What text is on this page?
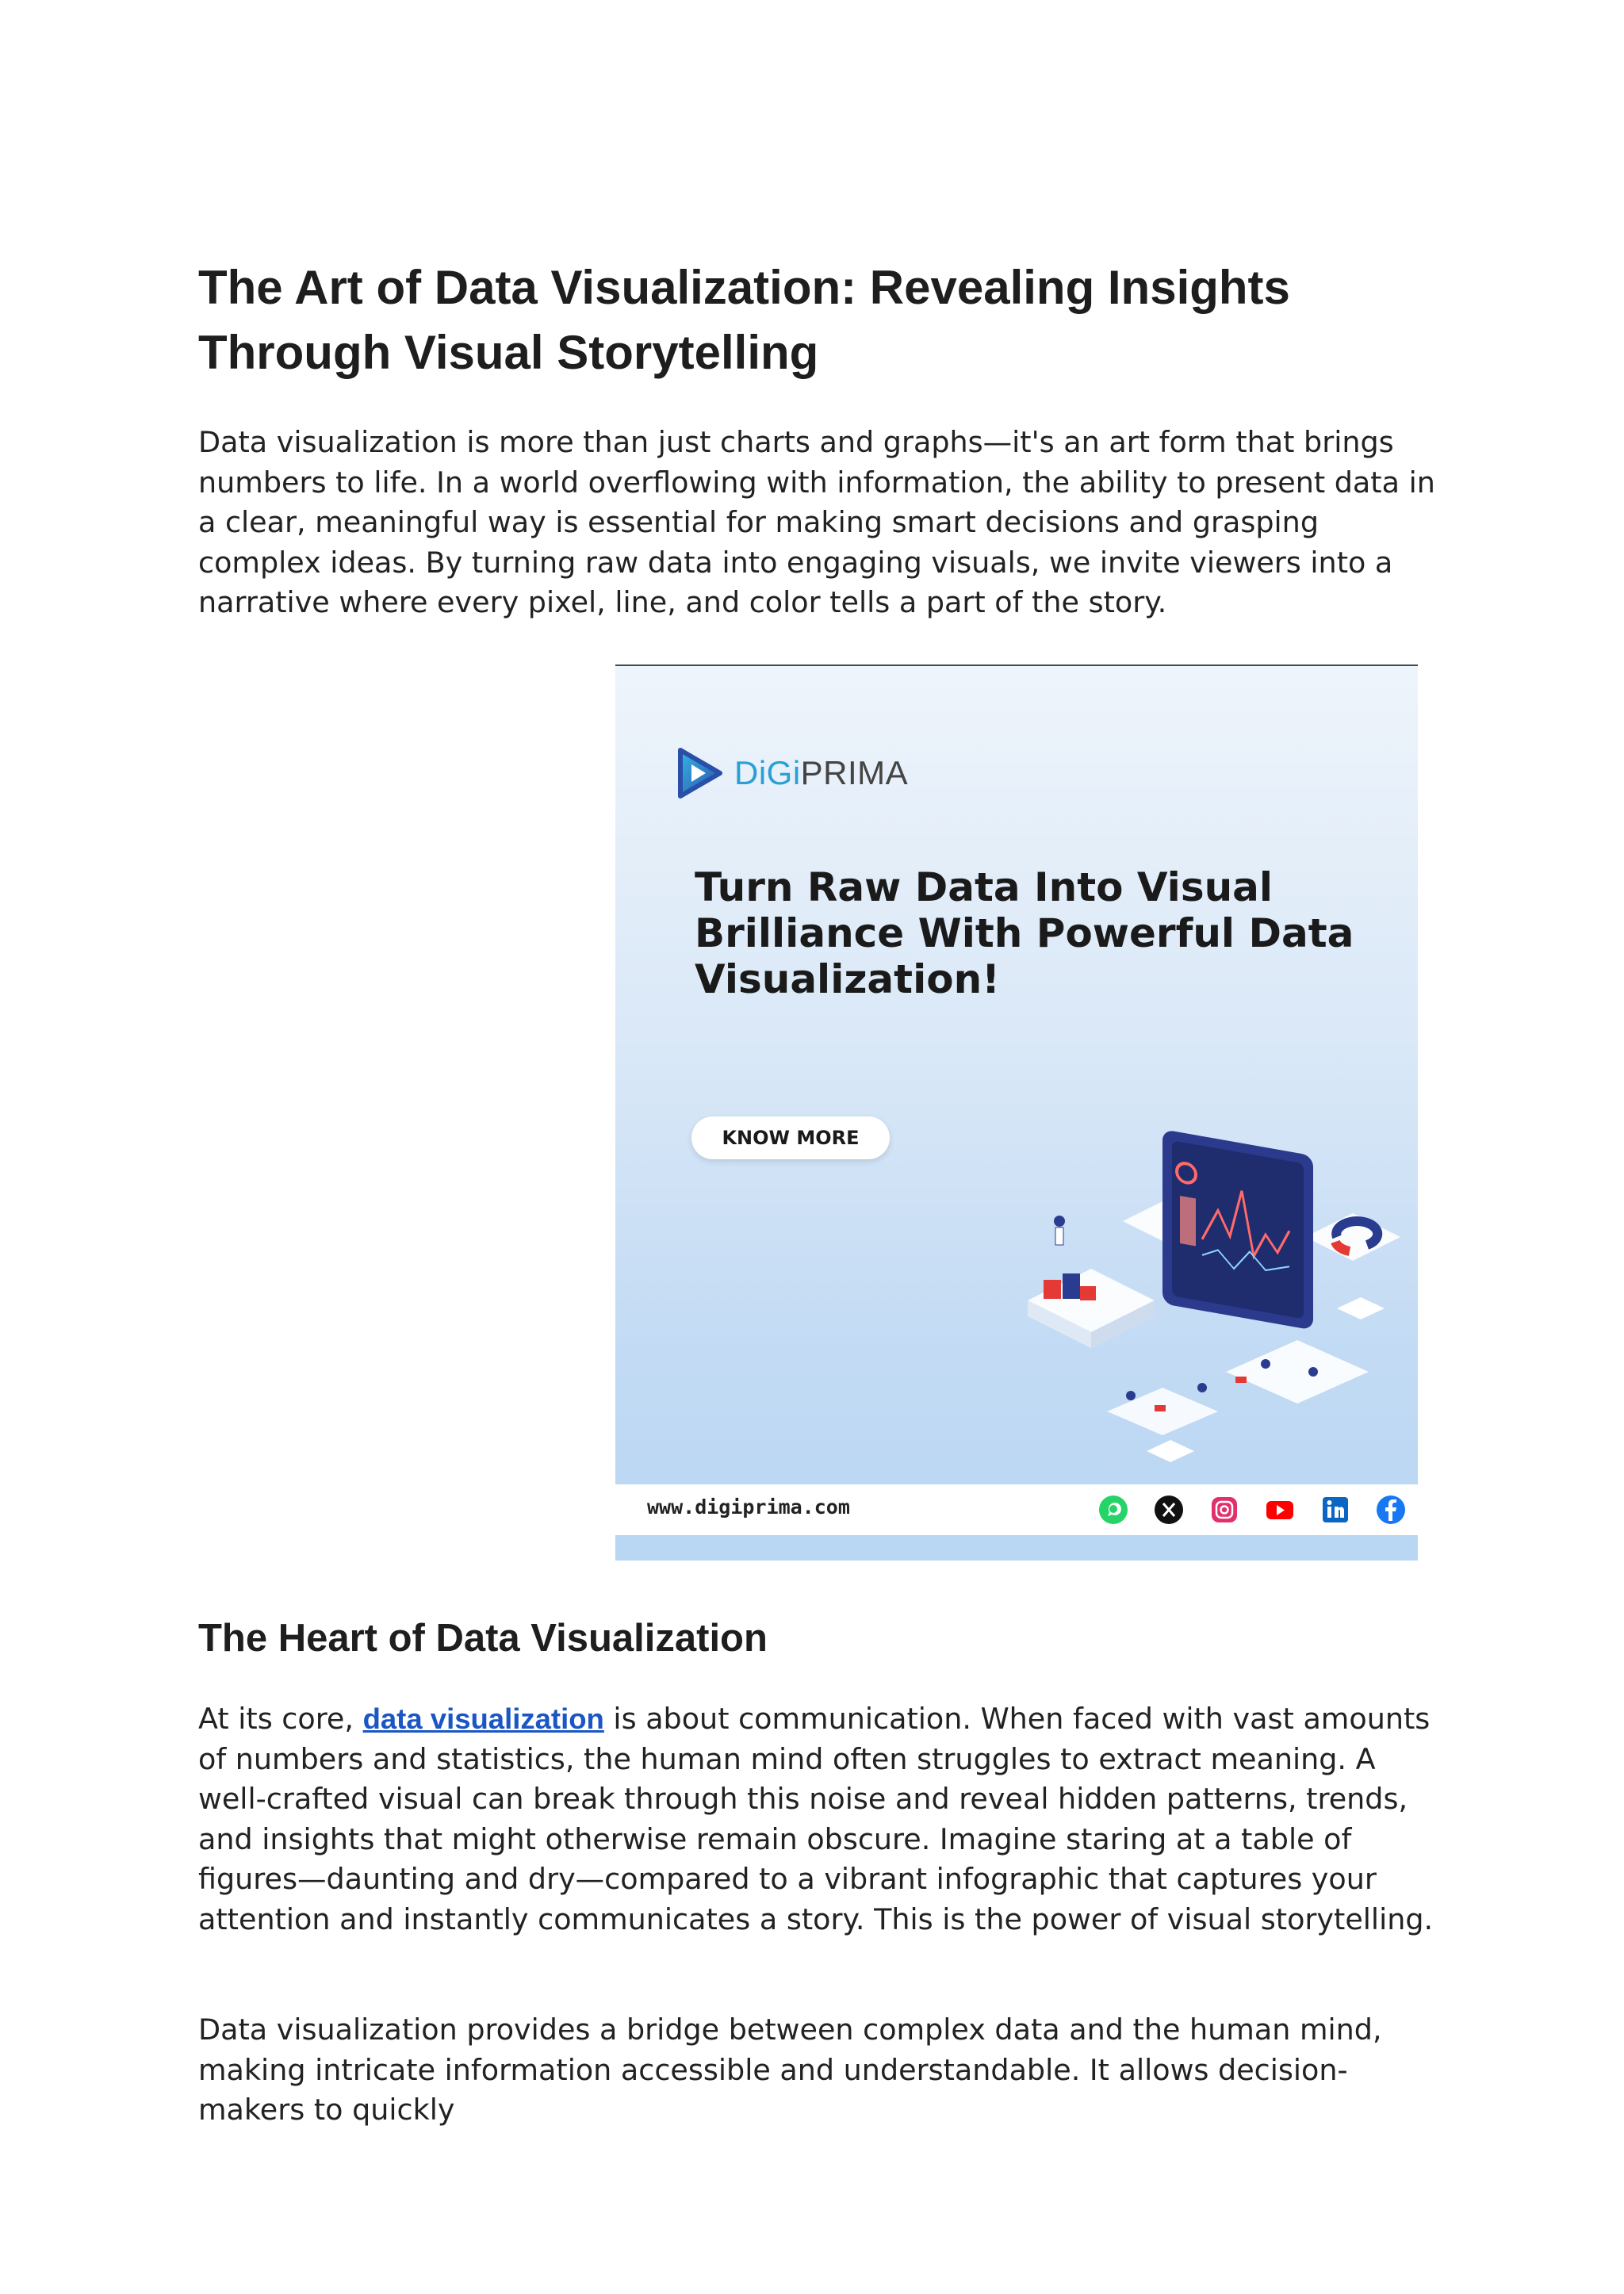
The Art of Data Visualization: Revealing Insights Through Visual Storytelling

Data visualization is more than just charts and graphs—it's an art form that brings numbers to life. In a world overflowing with information, the ability to present data in a clear, meaningful way is essential for making smart decisions and grasping complex ideas. By turning raw data into engaging visuals, we invite viewers into a narrative where every pixel, line, and color tells a part of the story.

DiGiPRIMA

Turn Raw Data Into Visual Brilliance With Powerful Data Visualization!

KNOW MORE
www.digiprima.com
The Heart of Data Visualization

At its core, data visualization is about communication. When faced with vast amounts of numbers and statistics, the human mind often struggles to extract meaning. A well-crafted visual can break through this noise and reveal hidden patterns, trends, and insights that might otherwise remain obscure. Imagine staring at a table of figures—daunting and dry—compared to a vibrant infographic that captures your attention and instantly communicates a story. This is the power of visual storytelling.

Data visualization provides a bridge between complex data and the human mind, making intricate information accessible and understandable. It allows decision-makers to quickly
